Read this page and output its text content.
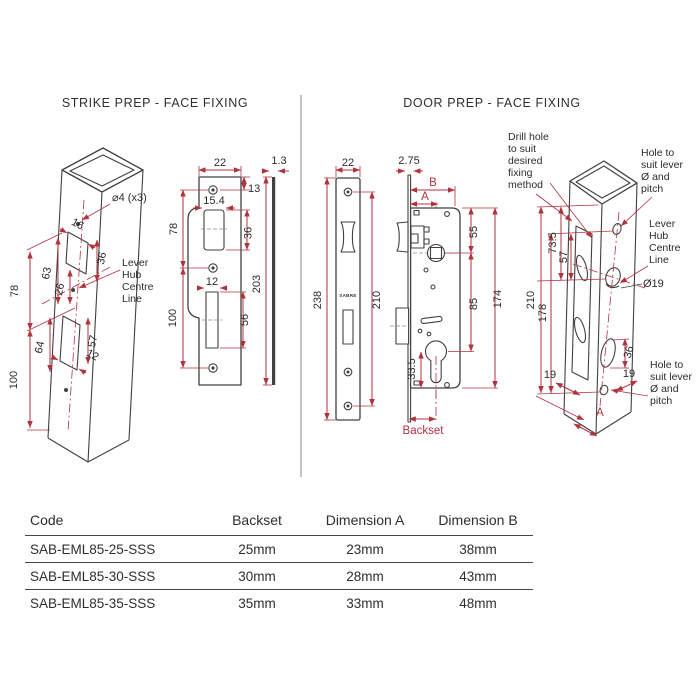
STRIKE PREP - FACE FIXING	DOOR PREP - FACE FIXING
78
100
63
26
16
36
64	57
12
⌀4 (x3)
Lever
Hub
Centre
Line
22
13
15.4
36
78
12
56
100
1.3
203
SABRE
22
238	210
2.75
B
A
55
85 174
33.5
Backset
210
178
73.5
57
36
19	19
A
Ø19
Drill hole
to suit
desired
fixing
method
Hole to
suit lever
Ø and
pitch
Lever
Hub
Centre
Line
Hole to
suit lever
Ø and
pitch
Code	Backset	Dimension A	Dimension B
SAB-EML85-25-SSS	25mm	23mm	38mm
SAB-EML85-30-SSS	30mm	28mm	43mm
SAB-EML85-35-SSS	35mm	33mm	48mm
